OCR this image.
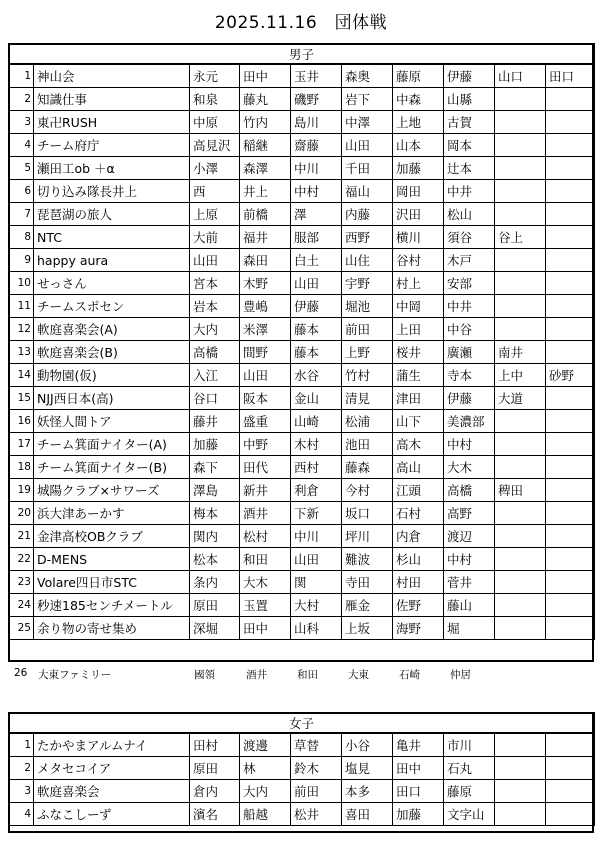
2025.11.16　団体戦
男子									
1	神山会	永元	田中	玉井	森奥	藤原	伊藤	山口	田口
2	知識仕事	和泉	藤丸	磯野	岩下	中森	山縣		
3	東卍RUSH	中原	竹内	島川	中澤	上地	古賀		
4	チーム府庁	高見沢	稲継	齋藤	山田	山本	岡本		
5	瀬田工ob ＋α	小澤	森澤	中川	千田	加藤	辻本		
6	切り込み隊長井上	西	井上	中村	福山	岡田	中井		
7	琵琶湖の旅人	上原	前橋	澤	内藤	沢田	松山		
8	NTC	大前	福井	服部	西野	横川	須谷	谷上	
9	happy aura	山田	森田	白土	山住	谷村	木戸		
10	せっさん	宮本	木野	山田	宇野	村上	安部		
11	チームスポセン	岩本	豊嶋	伊藤	堀池	中岡	中井		
12	軟庭喜楽会(A)	大内	米澤	藤本	前田	上田	中谷		
13	軟庭喜楽会(B)	高橋	間野	藤本	上野	桜井	廣瀬	南井	
14	動物園(仮)	入江	山田	水谷	竹村	蒲生	寺本	上中	砂野
15	NJJ西日本(高)	谷口	阪本	金山	清見	津田	伊藤	大道	
16	妖怪人間トア	藤井	盛重	山崎	松浦	山下	美濃部		
17	チーム箕面ナイター(A)	加藤	中野	木村	池田	高木	中村		
18	チーム箕面ナイター(B)	森下	田代	西村	藤森	高山	大木		
19	城陽クラブ×サワーズ	澤島	新井	利倉	今村	江頭	高橋	稗田	
20	浜大津あーかす	梅本	酒井	下新	坂口	石村	高野		
21	金津高校OBクラブ	関内	松村	中川	坪川	内倉	渡辺		
22	D-MENS	松本	和田	山田	難波	杉山	中村		
23	Volare四日市STC	条内	大木	関	寺田	村田	菅井		
24	秒速185センチメートル	原田	玉置	大村	雁金	佐野	藤山		
25	余り物の寄せ集め	深堀	田中	山科	上坂	海野	堀		
26 大東ファミリー	國領	酒井	和田	大東	石崎	仲居
女子									
1	たかやまアルムナイ	田村	渡邊	草替	小谷	亀井	市川		
2	メタセコイア	原田	林	鈴木	塩見	田中	石丸		
3	軟庭喜楽会	倉内	大内	前田	本多	田口	藤原		
4	ふなこしーず	濱名	船越	松井	喜田	加藤	文字山		
